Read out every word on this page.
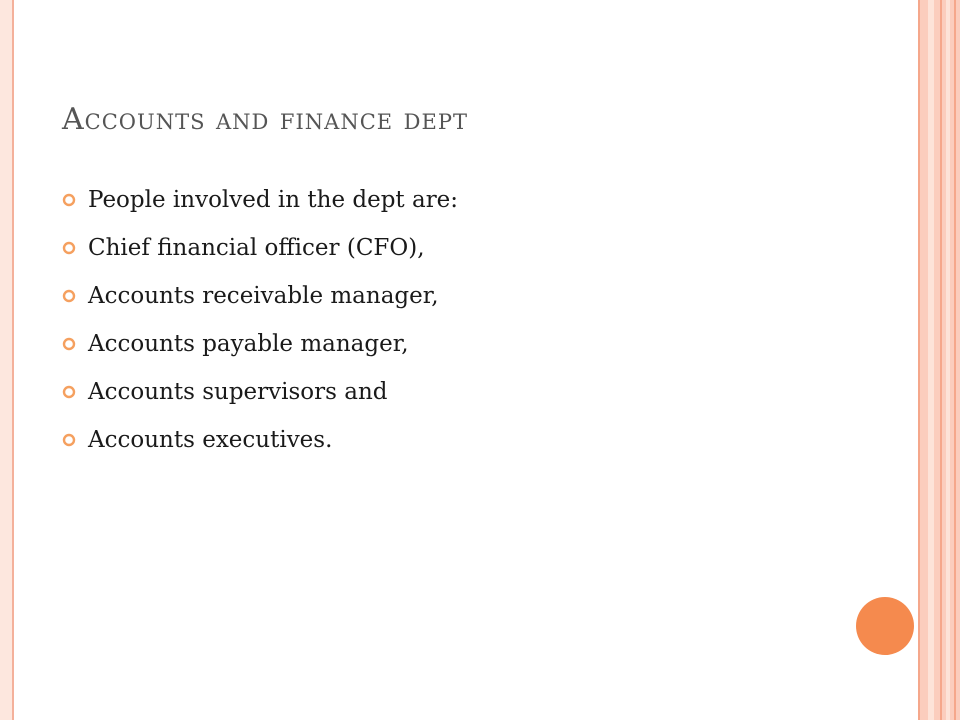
Accounts and finance dept
People involved in the dept are:
Chief financial officer (CFO),
Accounts receivable manager,
Accounts payable manager,
Accounts supervisors and
Accounts executives.
